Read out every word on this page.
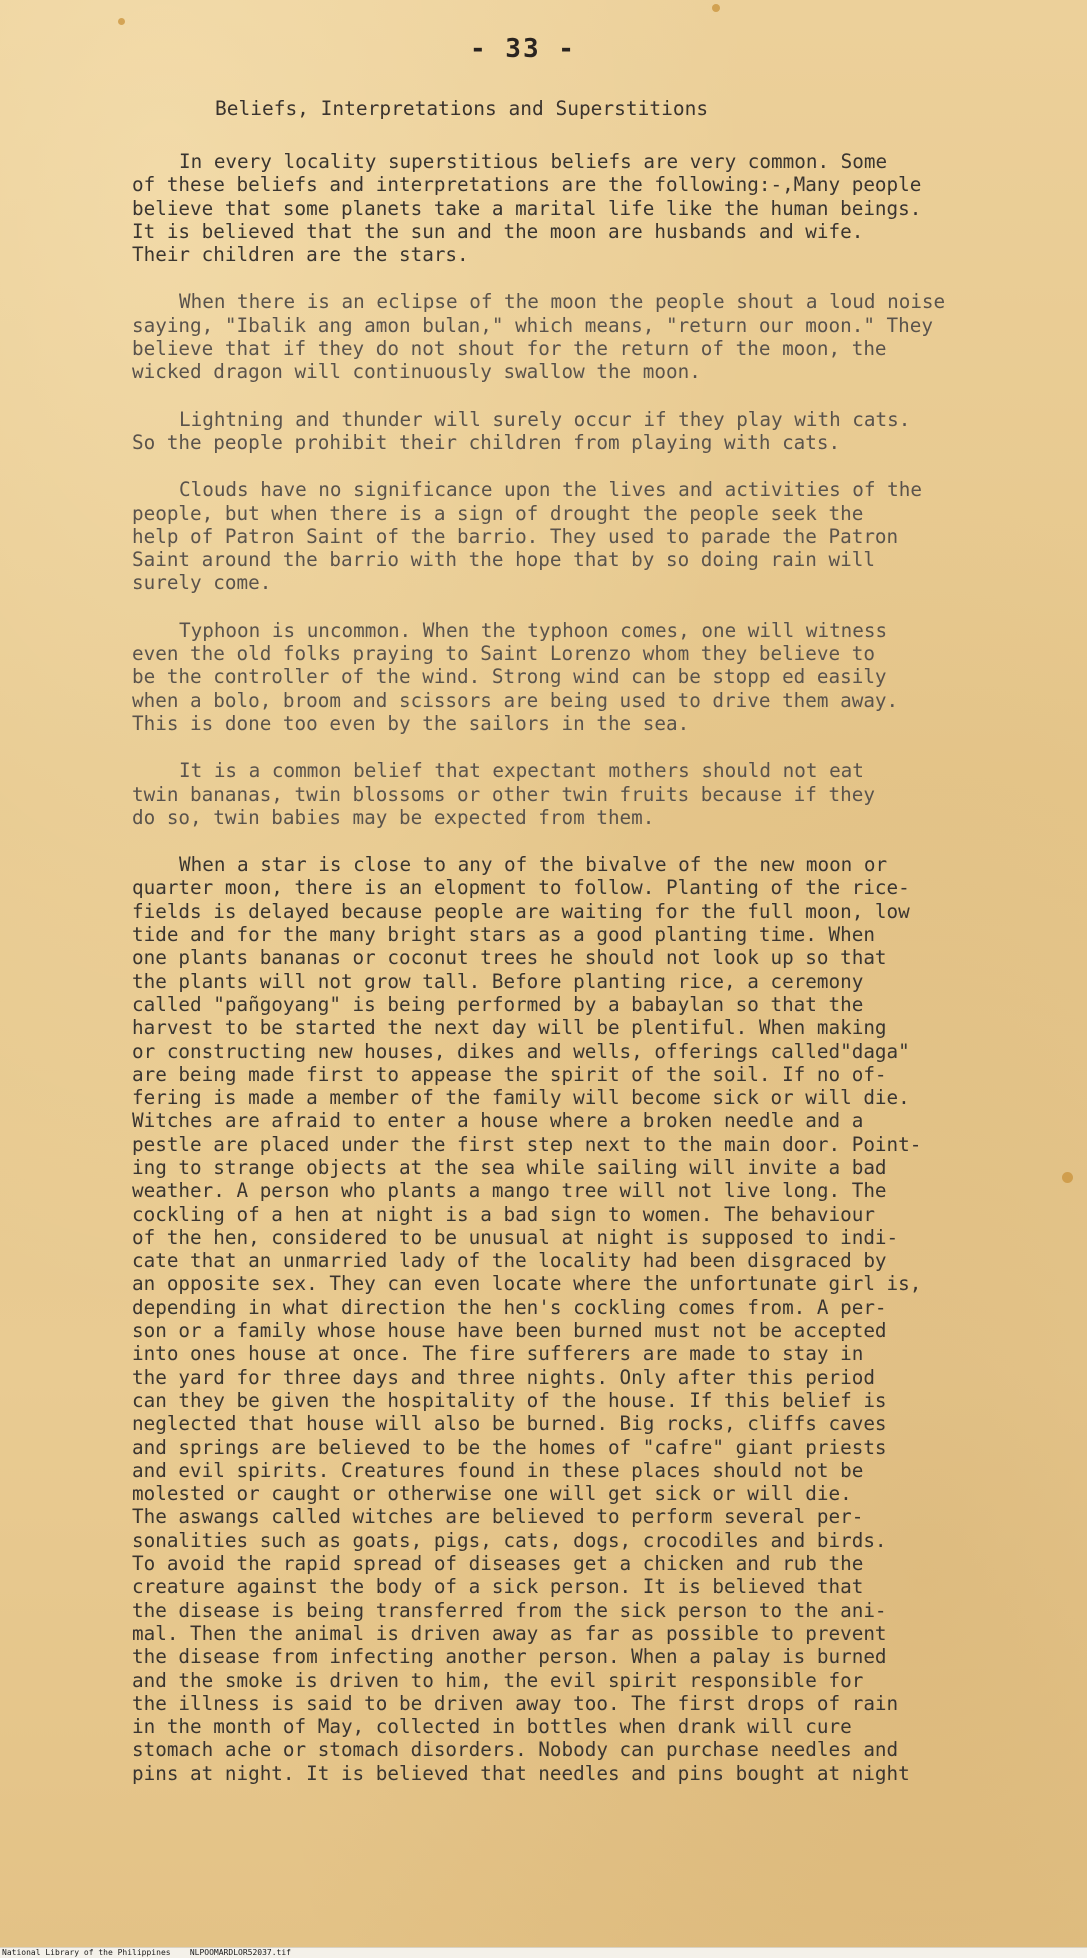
- 33 -
Beliefs, Interpretations and Superstitions

In every locality superstitious beliefs are very common. Some
of these beliefs and interpretations are the following:-,Many people
believe that some planets take a marital life like the human beings.
It is believed that the sun and the moon are husbands and wife.
Their children are the stars.

When there is an eclipse of the moon the people shout a loud noise
saying, "Ibalik ang amon bulan," which means, "return our moon." They
believe that if they do not shout for the return of the moon, the
wicked dragon will continuously swallow the moon.

Lightning and thunder will surely occur if they play with cats.
So the people prohibit their children from playing with cats.

Clouds have no significance upon the lives and activities of the
people, but when there is a sign of drought the people seek the
help of Patron Saint of the barrio. They used to parade the Patron
Saint around the barrio with the hope that by so doing rain will
surely come.

Typhoon is uncommon. When the typhoon comes, one will witness
even the old folks praying to Saint Lorenzo whom they believe to
be the controller of the wind. Strong wind can be stopp ed easily
when a bolo, broom and scissors are being used to drive them away.
This is done too even by the sailors in the sea.

It is a common belief that expectant mothers should not eat
twin bananas, twin blossoms or other twin fruits because if they
do so, twin babies may be expected from them.

When a star is close to any of the bivalve of the new moon or
quarter moon, there is an elopment to follow. Planting of the rice-
fields is delayed because people are waiting for the full moon, low
tide and for the many bright stars as a good planting time. When
one plants bananas or coconut trees he should not look up so that
the plants will not grow tall. Before planting rice, a ceremony
called "pañgoyang" is being performed by a babaylan so that the
harvest to be started the next day will be plentiful. When making
or constructing new houses, dikes and wells, offerings called"daga"
are being made first to appease the spirit of the soil. If no of-
fering is made a member of the family will become sick or will die.
Witches are afraid to enter a house where a broken needle and a
pestle are placed under the first step next to the main door. Point-
ing to strange objects at the sea while sailing will invite a bad
weather. A person who plants a mango tree will not live long. The
cockling of a hen at night is a bad sign to women. The behaviour
of the hen, considered to be unusual at night is supposed to indi-
cate that an unmarried lady of the locality had been disgraced by
an opposite sex. They can even locate where the unfortunate girl is,
depending in what direction the hen's cockling comes from. A per-
son or a family whose house have been burned must not be accepted
into ones house at once. The fire sufferers are made to stay in
the yard for three days and three nights. Only after this period
can they be given the hospitality of the house. If this belief is
neglected that house will also be burned. Big rocks, cliffs caves
and springs are believed to be the homes of "cafre" giant priests
and evil spirits. Creatures found in these places should not be
molested or caught or otherwise one will get sick or will die.
The aswangs called witches are believed to perform several per-
sonalities such as goats, pigs, cats, dogs, crocodiles and birds.
To avoid the rapid spread of diseases get a chicken and rub the
creature against the body of a sick person. It is believed that
the disease is being transferred from the sick person to the ani-
mal. Then the animal is driven away as far as possible to prevent
the disease from infecting another person. When a palay is burned
and the smoke is driven to him, the evil spirit responsible for
the illness is said to be driven away too. The first drops of rain
in the month of May, collected in bottles when drank will cure
stomach ache or stomach disorders. Nobody can purchase needles and
pins at night. It is believed that needles and pins bought at night

National Library of the Philippines    NLPOOMARDLOR52037.tif
